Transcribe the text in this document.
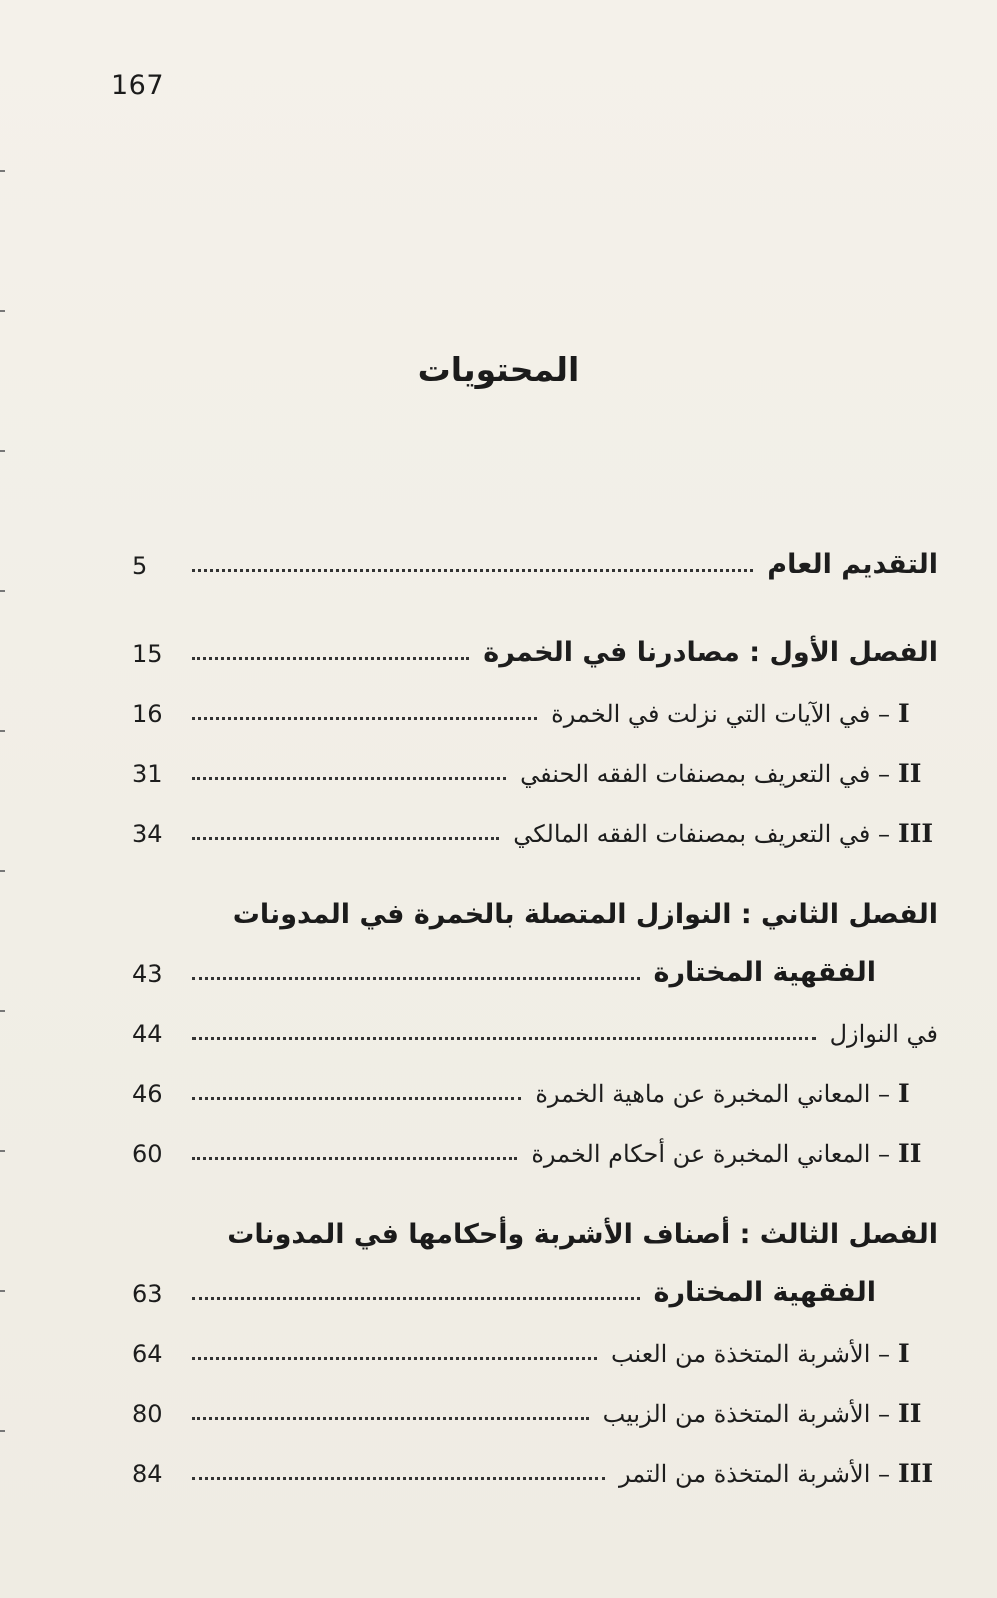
167
المحتويات
التقديم العام
5
الفصل الأول : مصادرنا في الخمرة
15
I
– في الآيات التي نزلت في الخمرة
16
II
– في التعريف بمصنفات الفقه الحنفي
31
III
– في التعريف بمصنفات الفقه المالكي
34
الفصل الثاني : النوازل المتصلة بالخمرة في المدونات
الفقهية المختارة
43
في النوازل
44
I
– المعاني المخبرة عن ماهية الخمرة
46
II
– المعاني المخبرة عن أحكام الخمرة
60
الفصل الثالث : أصناف الأشربة وأحكامها في المدونات
الفقهية المختارة
63
I
– الأشربة المتخذة من العنب
64
II
– الأشربة المتخذة من الزبيب
80
III
– الأشربة المتخذة من التمر
84
